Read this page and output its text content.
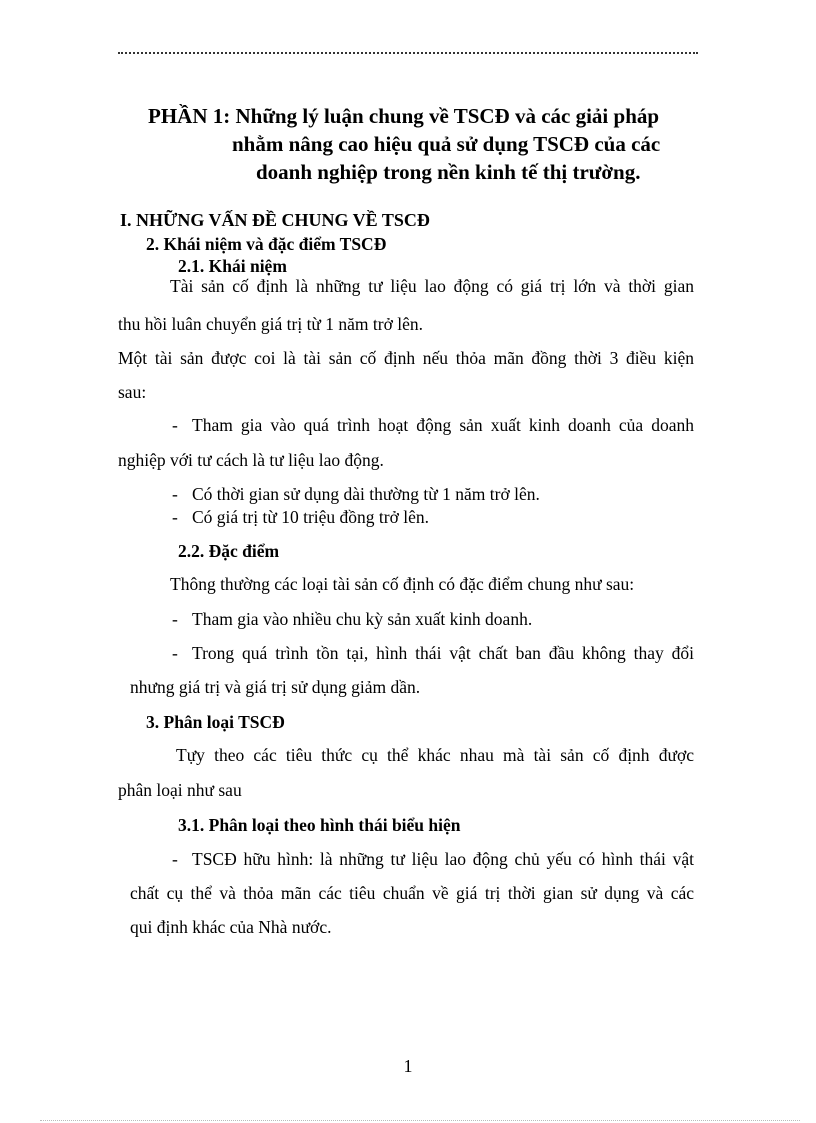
PHẦN 1: Những lý luận chung về TSCĐ và các giải pháp
nhằm nâng cao hiệu quả sử dụng TSCĐ của các
doanh nghiệp trong nền kinh tế thị trường.
I. NHỮNG VẤN ĐỀ CHUNG VỀ TSCĐ
2. Khái niệm và đặc điểm TSCĐ
2.1. Khái niệm
Tài sản cố định là những tư liệu lao động có giá trị lớn và thời gian
thu hồi luân chuyển giá trị từ 1 năm trở lên.
Một tài sản được coi là tài sản cố định nếu thỏa mãn đồng thời 3 điều kiện
sau:
- Tham gia vào quá trình hoạt động sản xuất kinh doanh của doanh
nghiệp với tư cách là tư liệu lao động.
- Có thời gian sử dụng dài thường từ 1 năm trở lên.
- Có giá trị từ 10 triệu đồng trở lên.
2.2. Đặc điểm
Thông thường các loại tài sản cố định có đặc điểm chung như sau:
- Tham gia vào nhiều chu kỳ sản xuất kinh doanh.
- Trong quá trình tồn tại, hình thái vật chất ban đầu không thay đổi
nhưng giá trị và giá trị sử dụng giảm dần.
3. Phân loại TSCĐ
Tựy theo các tiêu thức cụ thể khác nhau mà tài sản cố định được
phân loại như sau
3.1. Phân loại theo hình thái biểu hiện
- TSCĐ hữu hình: là những tư liệu lao động chủ yếu có hình thái vật
chất cụ thể và thỏa mãn các tiêu chuẩn về giá trị thời gian sử dụng và các
qui định khác của Nhà nước.
1
